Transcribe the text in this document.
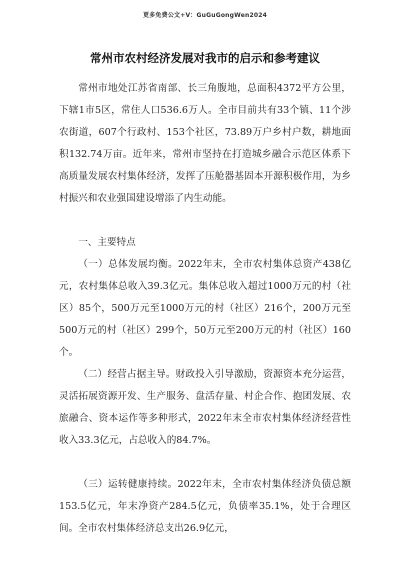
更多免费公文+V：GuGuGongWen2024
常州市农村经济发展对我市的启示和参考建议

常州市地处江苏省南部、长三角腹地，总面积4372平方公里，下辖1市5区，常住人口536.6万人。全市目前共有33个镇、11个涉农街道，607个行政村、153个社区，73.89万户乡村户数，耕地面积132.74万亩。近年来，常州市坚持在打造城乡融合示范区体系下高质量发展农村集体经济，发挥了压舱器基固本开源积极作用，为乡村振兴和农业强国建设增添了内生动能。

一、主要特点

（一）总体发展均衡。2022年末，全市农村集体总资产438亿元，农村集体总收入39.3亿元。集体总收入超过1000万元的村（社区）85个，500万元至1000万元的村（社区）216个，200万元至500万元的村（社区）299个，50万元至200万元的村（社区）160个。

（二）经营占据主导。财政投入引导激励，资源资本充分运营，灵活拓展资源开发、生产服务、盘活存量、村企合作、抱团发展、农旅融合、资本运作等多种形式，2022年末全市农村集体经济经营性收入33.3亿元，占总收入的84.7%。

（三）运转健康持续。2022年末，全市农村集体经济负债总额153.5亿元，年末净资产284.5亿元，负债率35.1%，处于合理区间。全市农村集体经济总支出26.9亿元，
